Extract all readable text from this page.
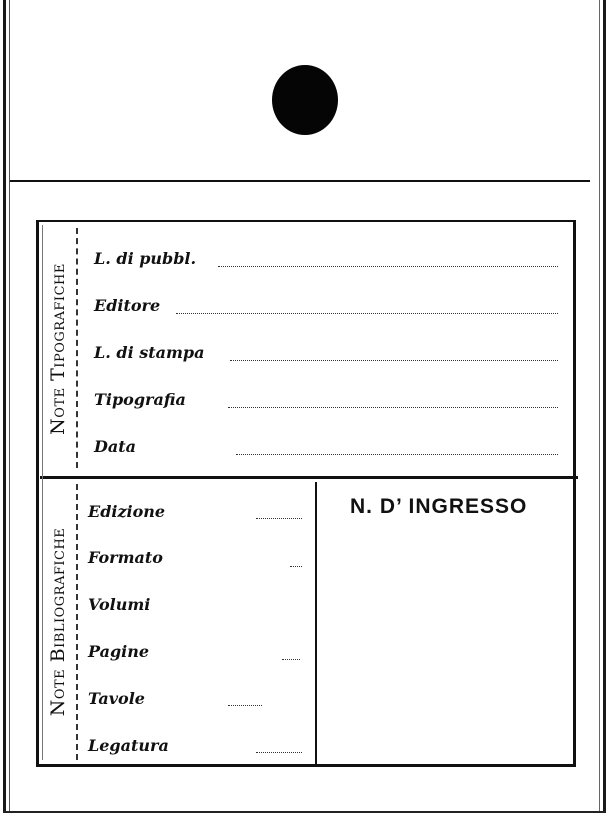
Note Tipografiche
L. di pubbl.
Editore
L. di stampa
Tipografia
Data
Note Bibliografiche
Edizione
Formato
Volumi
Pagine
Tavole
Legatura
N. D’ INGRESSO
